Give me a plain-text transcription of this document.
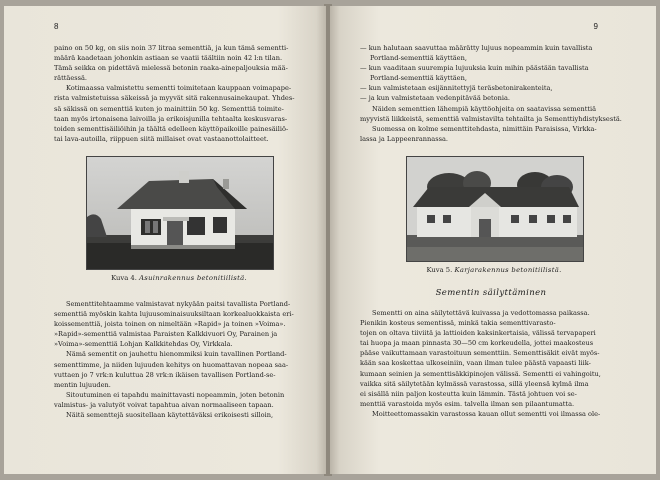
8

paino on 50 kg, on siis noin 37 litraa sementtiä, ja kun tämä sementti-

määrä kaadetaan johonkin astiaan se vaatii täältiin noin 42 l:n tilan.

Tämä seikka on pidettävä mielessä betonin raaka-ainepaljouksia mää-

rättäessä.

Kotimaassa valmistettu sementti toimitetaan kauppaan voimapape-

rista valmistetuissa säkeissä ja myyvät sitä rakennusainekaupat. Yhdes-

sä säkissä on sementtiä kuten jo mainittiin 50 kg. Sementtiä toimite-

taan myös irtonaisena laivoilla ja erikoisjunilla tehtaalta keskusvaras-

toiden sementtisäiliöihin ja täältä edelleen käyttöpaikoille painesäiliö-

tai lava-autoilla, riippuen siitä millaiset ovat vastaanottolaitteet.

Kuva 4. Asuinrakennus betonitiilistä.

Sementtitehtaamme valmistavat nykyään paitsi tavallista Portland-

sementtiä myöskin kahta lujuusominaisuuksiltaan korkealuokkaista eri-

koissementtiä, joista toinen on nimeltään »Rapid» ja toinen »Voima».

»Rapid»-sementtiä valmistaa Paraisten Kalkkivuori Oy, Parainen ja

»Voima»-sementtiä Lohjan Kalkkitehdas Oy, Virkkala.

Nämä sementit on jauhettu hienommiksi kuin tavallinen Portland-

sementtimme, ja niiden lujuuden kehitys on huomattavan nopeaa saa-

vuttaen jo 7 vrk:n kuluttua 28 vrk:n ikäisen tavallisen Portland-se-

mentin lujuuden.

Sitoutuminen ei tapahdu mainittavasti nopeammin, joten betonin

valmistus- ja valutyöt voivat tapahtua aivan normaaliseen tapaan.

Näitä sementtejä suositellaan käytettäväksi erikoisesti silloin,

9

— kun halutaan saavuttaa määrätty lujuus nopeammin kuin tavallista

Portland-sementtiä käyttäen,

— kun vaaditaan suurempia lujuuksia kuin mihin päästään tavallista

Portland-sementtiä käyttäen,

— kun valmistetaan esijännitettyjä teräsbetonirakenteita,

— ja kun valmistetaan vedenpitävää betonia.

Näiden sementtien lähempiä käyttöohjeita on saatavissa sementtiä

myyvistä liikkeistä, sementtiä valmistavilta tehtailta ja Sementtiyhdistyksestä.

Suomessa on kolme sementtitehdasta, nimittäin Paraisissa, Virkka-

lassa ja Lappeenrannassa.

Kuva 5. Karjarakennus betonitiilistä.
Sementin säilyttäminen

Sementti on aina säilytettävä kuivassa ja vedottomassa paikassa.

Pienikin kosteus sementissä, minkä takia sementtivarasto-

tojen on oltava tiiviitä ja lattioiden kaksinkertaisia, välissä tervapaperi

tai huopa ja maan pinnasta 30—50 cm korkeudella, jottei maakosteus

pääse vaikuttamaan varastoituun sementtiin. Sementtisäkit eivät myös-

kään saa koskettaa ulkoseiniin, vaan ilman tulee päästä vapaasti liik-

kumaan seinien ja sementtisäkkipinojen välissä. Sementti ei vahingoitu,

vaikka sitä säilytetään kylmässä varastossa, sillä yleensä kylmä ilma

ei sisällä niin paljon kosteutta kuin lämmin. Tästä johtuen voi se-

menttiä varastoida myös esim. talvella ilman sen pilaantumatta.

Moitteettomassakin varastossa kauan ollut sementti voi ilmassa ole-
